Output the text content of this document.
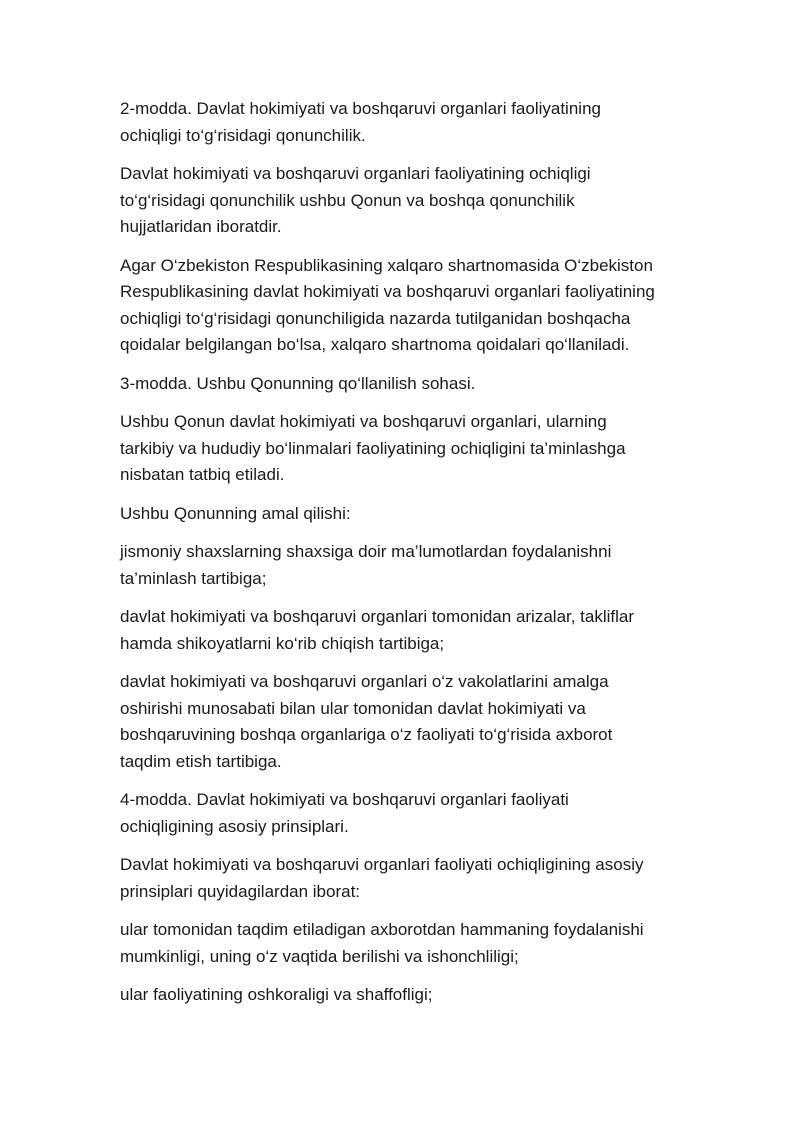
2-modda. Davlat hokimiyati va boshqaruvi organlari faoliyatining
ochiqligi to‘g‘risidagi qonunchilik.

Davlat hokimiyati va boshqaruvi organlari faoliyatining ochiqligi
to‘g‘risidagi qonunchilik ushbu Qonun va boshqa qonunchilik
hujjatlaridan iboratdir.

Agar O‘zbekiston Respublikasining xalqaro shartnomasida O‘zbekiston
Respublikasining davlat hokimiyati va boshqaruvi organlari faoliyatining
ochiqligi to‘g‘risidagi qonunchiligida nazarda tutilganidan boshqacha
qoidalar belgilangan bo‘lsa, xalqaro shartnoma qoidalari qo‘llaniladi.

3-modda. Ushbu Qonunning qo‘llanilish sohasi.

Ushbu Qonun davlat hokimiyati va boshqaruvi organlari, ularning
tarkibiy va hududiy bo‘linmalari faoliyatining ochiqligini ta’minlashga
nisbatan tatbiq etiladi.

Ushbu Qonunning amal qilishi:

jismoniy shaxslarning shaxsiga doir ma’lumotlardan foydalanishni
ta’minlash tartibiga;

davlat hokimiyati va boshqaruvi organlari tomonidan arizalar, takliflar
hamda shikoyatlarni ko‘rib chiqish tartibiga;

davlat hokimiyati va boshqaruvi organlari o‘z vakolatlarini amalga
oshirishi munosabati bilan ular tomonidan davlat hokimiyati va
boshqaruvining boshqa organlariga o‘z faoliyati to‘g‘risida axborot
taqdim etish tartibiga.

4-modda. Davlat hokimiyati va boshqaruvi organlari faoliyati
ochiqligining asosiy prinsiplari.

Davlat hokimiyati va boshqaruvi organlari faoliyati ochiqligining asosiy
prinsiplari quyidagilardan iborat:

ular tomonidan taqdim etiladigan axborotdan hammaning foydalanishi
mumkinligi, uning o‘z vaqtida berilishi va ishonchliligi;

ular faoliyatining oshkoraligi va shaffofligi;
